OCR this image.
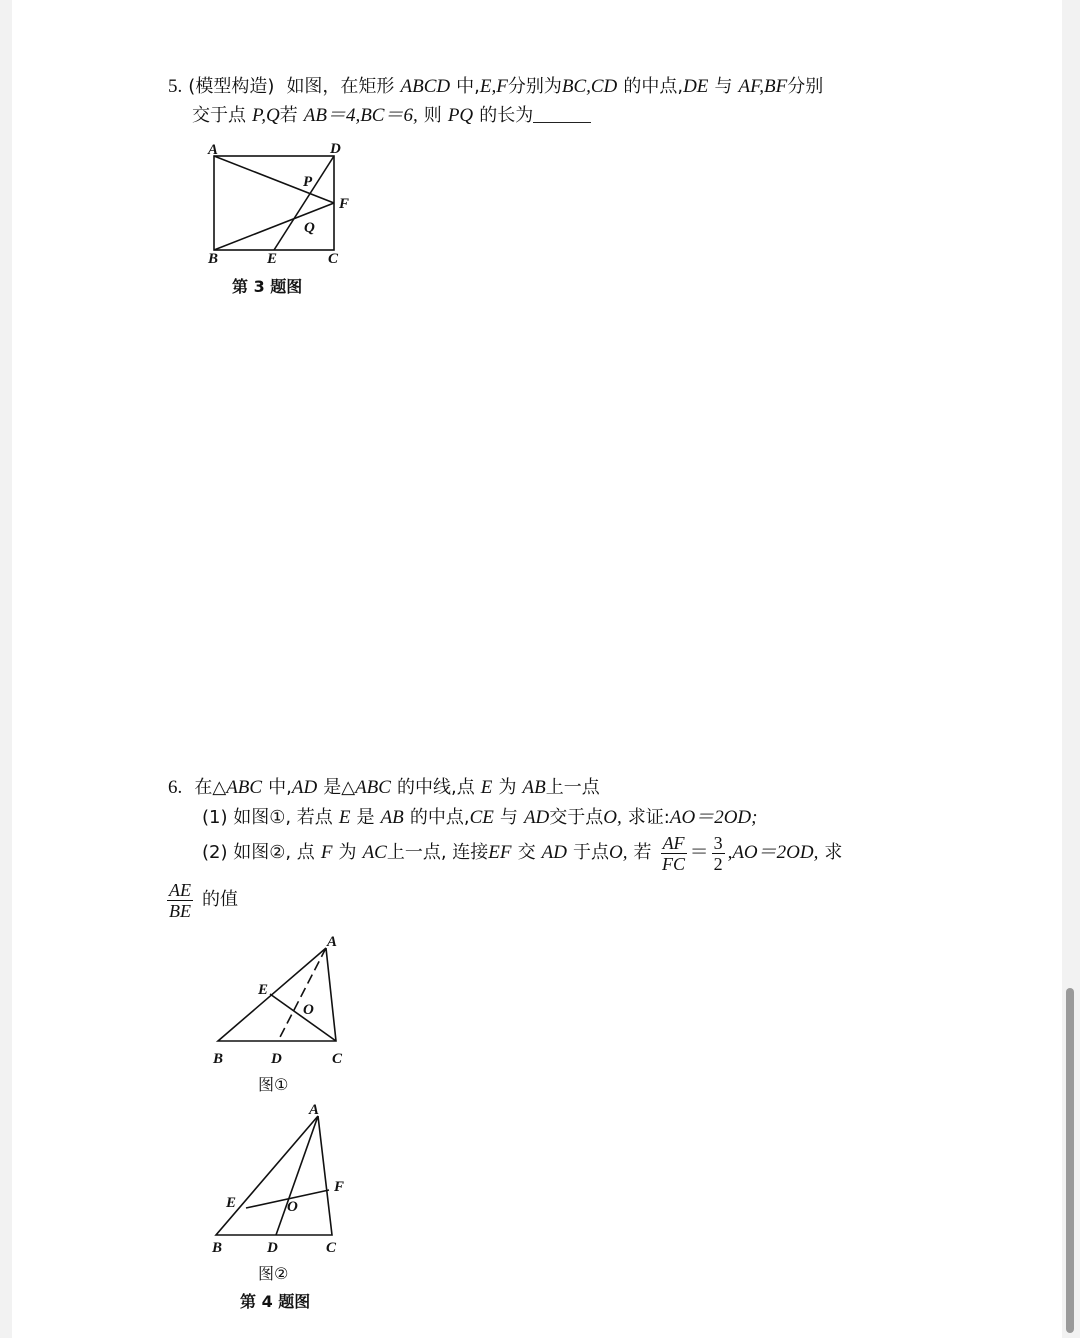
5. (模型构造) 如图，在矩形 ABCD 中,E,F分别为BC,CD 的中点,DE 与 AF,BF分别
交于点 P,Q若 AB＝4,BC＝6, 则 PQ 的长为
A	D
P
F
Q
B	E	C
第 3 题图
6. 在△ABC 中,AD 是△ABC 的中线,点 E 为 AB上一点
(1) 如图①, 若点 E 是 AB 的中点,CE 与 AD交于点O, 求证:AO＝2OD;
(2) 如图②, 点 F 为 AC上一点, 连接EF 交 AD 于点O, 若 $\frac{AF}{FC} = \frac{3}{2} ,AO=2OD$, 求
$\frac{AE}{BE}$ 的值
A
E
O
B	D	C
图①
A
F
E	O
B	D	C
图②
第 4 题图
